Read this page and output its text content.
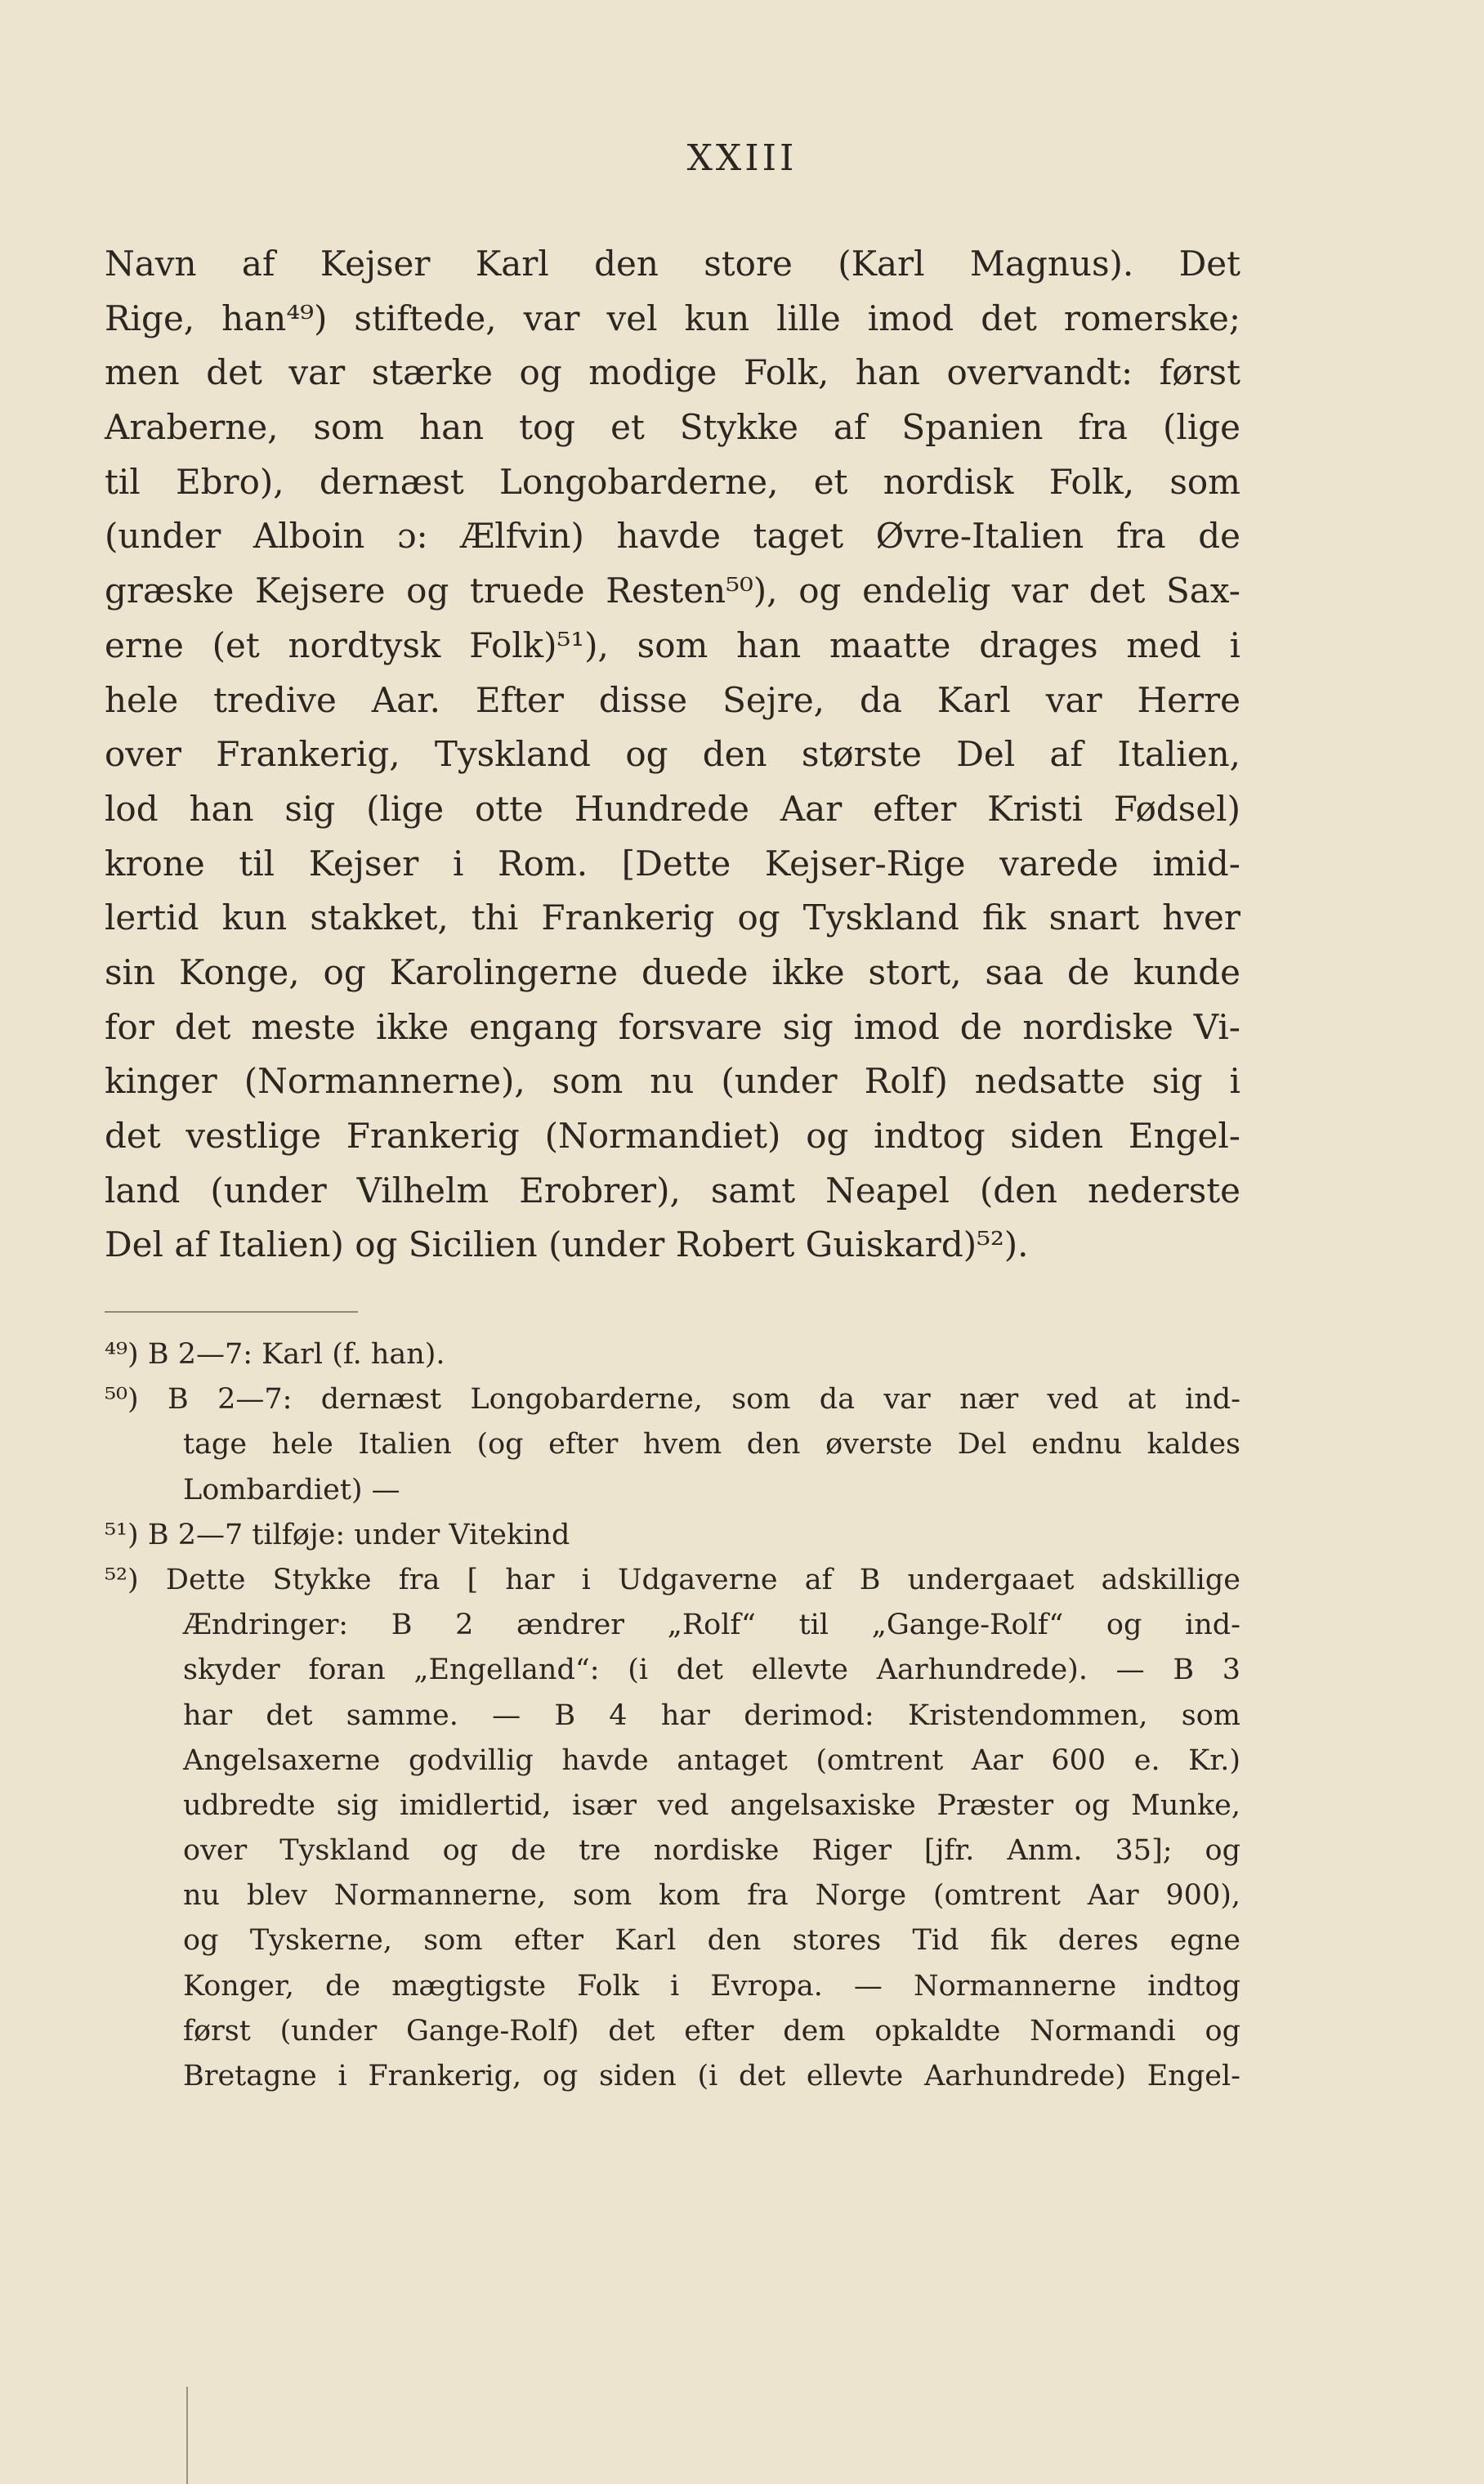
XXIII
Navn af Kejser Karl den store (Karl Magnus). Det
Rige, han⁴⁹) stiftede, var vel kun lille imod det romerske;
men det var stærke og modige Folk, han overvandt: først
Araberne, som han tog et Stykke af Spanien fra (lige
til Ebro), dernæst Longobarderne, et nordisk Folk, som
(under Alboin ɔ: Ælfvin) havde taget Øvre-Italien fra de
græske Kejsere og truede Resten⁵⁰), og endelig var det Sax-
erne (et nordtysk Folk)⁵¹), som han maatte drages med i
hele tredive Aar. Efter disse Sejre, da Karl var Herre
over Frankerig, Tyskland og den største Del af Italien,
lod han sig (lige otte Hundrede Aar efter Kristi Fødsel)
krone til Kejser i Rom. [Dette Kejser-Rige varede imid-
lertid kun stakket, thi Frankerig og Tyskland fik snart hver
sin Konge, og Karolingerne duede ikke stort, saa de kunde
for det meste ikke engang forsvare sig imod de nordiske Vi-
kinger (Normannerne), som nu (under Rolf) nedsatte sig i
det vestlige Frankerig (Normandiet) og indtog siden Engel-
land (under Vilhelm Erobrer), samt Neapel (den nederste
Del af Italien) og Sicilien (under Robert Guiskard)⁵²).
⁴⁹) B 2—7: Karl (f. han).
⁵⁰) B 2—7: dernæst Longobarderne, som da var nær ved at ind-
tage hele Italien (og efter hvem den øverste Del endnu kaldes
Lombardiet) —
⁵¹) B 2—7 tilføje: under Vitekind
⁵²) Dette Stykke fra [ har i Udgaverne af B undergaaet adskillige
Ændringer: B 2 ændrer „Rolf“ til „Gange-Rolf“ og ind-
skyder foran „Engelland“: (i det ellevte Aarhundrede). — B 3
har det samme. — B 4 har derimod: Kristendommen, som
Angelsaxerne godvillig havde antaget (omtrent Aar 600 e. Kr.)
udbredte sig imidlertid, især ved angelsaxiske Præster og Munke,
over Tyskland og de tre nordiske Riger [jfr. Anm. 35]; og
nu blev Normannerne, som kom fra Norge (omtrent Aar 900),
og Tyskerne, som efter Karl den stores Tid fik deres egne
Konger, de mægtigste Folk i Evropa. — Normannerne indtog
først (under Gange-Rolf) det efter dem opkaldte Normandi og
Bretagne i Frankerig, og siden (i det ellevte Aarhundrede) Engel-
